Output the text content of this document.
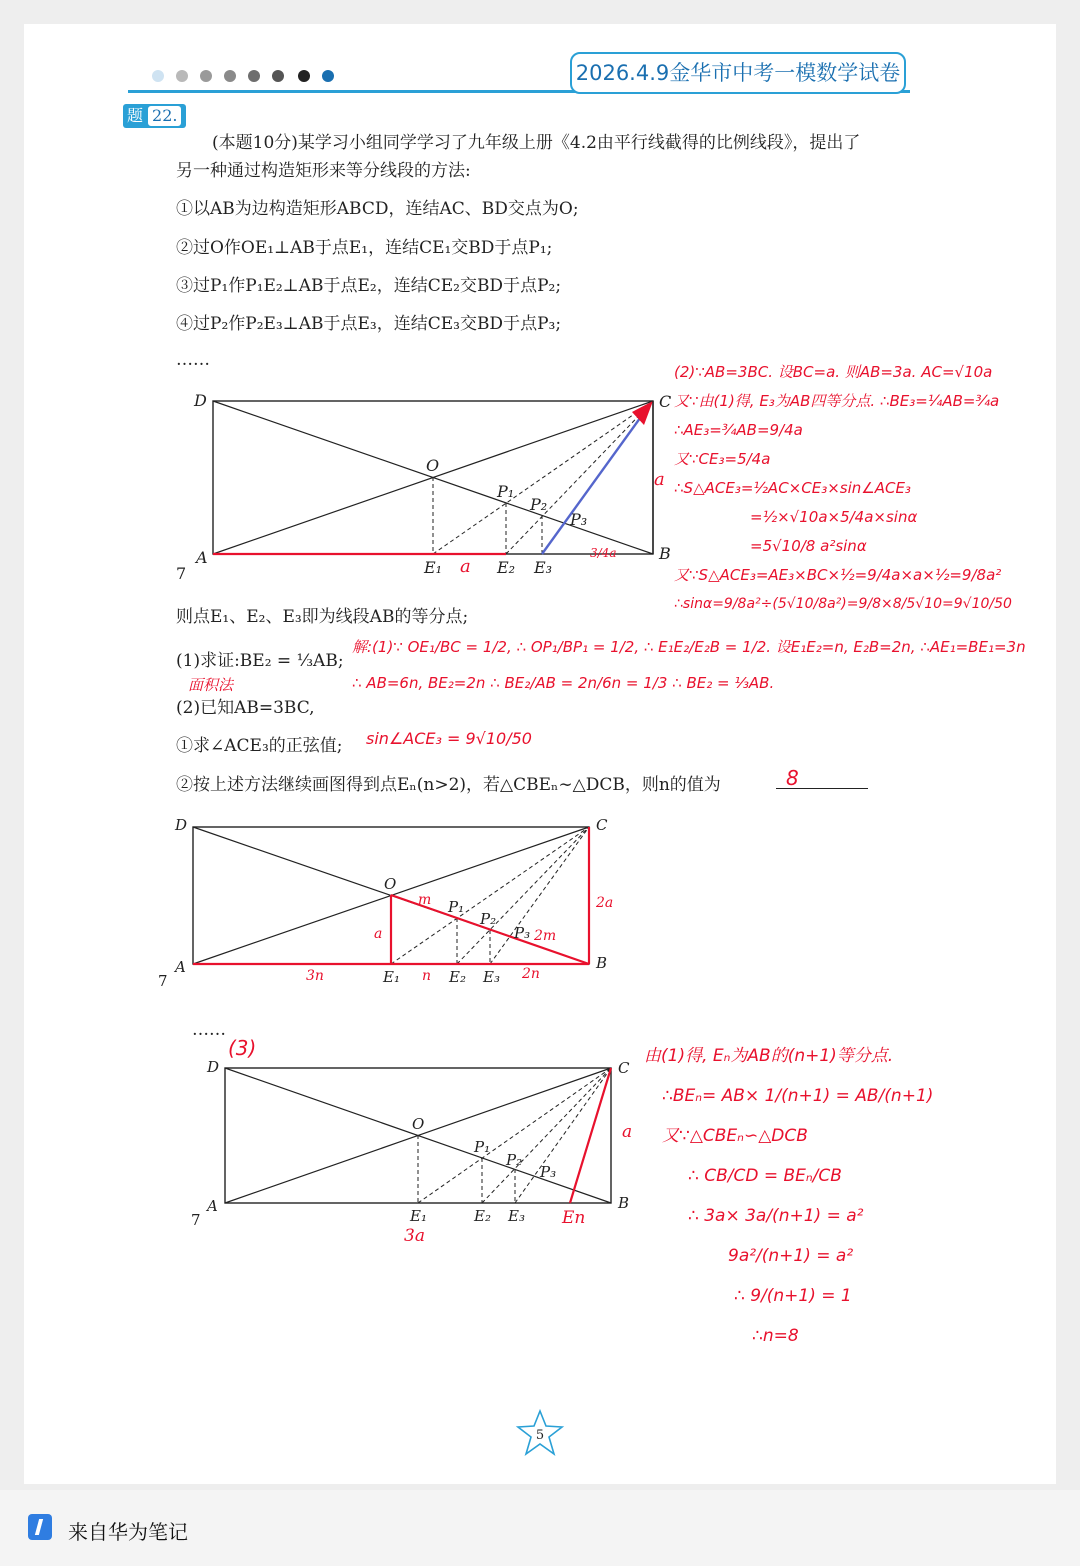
2026.4.9金华市中考一模数学试卷
题 22.
(本题10分)某学习小组同学学习了九年级上册《4.2由平行线截得的比例线段》，提出了
另一种通过构造矩形来等分线段的方法:
①以AB为边构造矩形ABCD，连结AC、BD交点为O;
②过O作OE₁⊥AB于点E₁，连结CE₁交BD于点P₁;
③过P₁作P₁E₂⊥AB于点E₂，连结CE₂交BD于点P₂;
④过P₂作P₂E₃⊥AB于点E₃，连结CE₃交BD于点P₃;
……
D	C
A	B
O
P₁
P₂
P₃
E₁	E₂ E₃
7
a
a
3/4a
(2)∵AB=3BC. 设BC=a. 则AB=3a. AC=√10a
又∵由(1)得, E₃为AB四等分点. ∴BE₃=¼AB=¾a
∴AE₃=¾AB=9/4a
又∵CE₃=5/4a
∴S△ACE₃=½AC×CE₃×sin∠ACE₃
=½×√10a×5/4a×sinα
=5√10/8 a²sinα
又∵S△ACE₃=AE₃×BC×½=9/4a×a×½=9/8a²
∴sinα=9/8a²÷(5√10/8a²)=9/8×8/5√10=9√10/50
则点E₁、E₂、E₃即为线段AB的等分点;
(1)求证:BE₂ = ⅓AB;
解:(1)∵ OE₁/BC = 1/2, ∴ OP₁/BP₁ = 1/2, ∴ E₁E₂/E₂B = 1/2. 设E₁E₂=n, E₂B=2n, ∴AE₁=BE₁=3n
∴ AB=6n, BE₂=2n ∴ BE₂/AB = 2n/6n = 1/3 ∴ BE₂ = ⅓AB.
面积法
(2)已知AB=3BC,
①求∠ACE₃的正弦值; sin∠ACE₃ = 9√10/50
②按上述方法继续画图得到点Eₙ(n>2)，若△CBEₙ∼△DCB，则n的值为	8
D	C
A	B
O
P₁
P₂
P₃
E₁	E₂ E₃
7
m	2a
a
3n	n	2n
2m
……
(3)
D	C
A	B
O
P₁
P₂
P₃
E₁	E₂ E₃
7
a
3a
En
由(1)得, Eₙ为AB的(n+1)等分点.
∴BEₙ= AB× 1/(n+1) = AB/(n+1)
又∵△CBEₙ∽△DCB
∴ CB/CD = BEₙ/CB
∴ 3a× 3a/(n+1) = a²
9a²/(n+1) = a²
∴ 9/(n+1) = 1
∴n=8
5
来自华为笔记
